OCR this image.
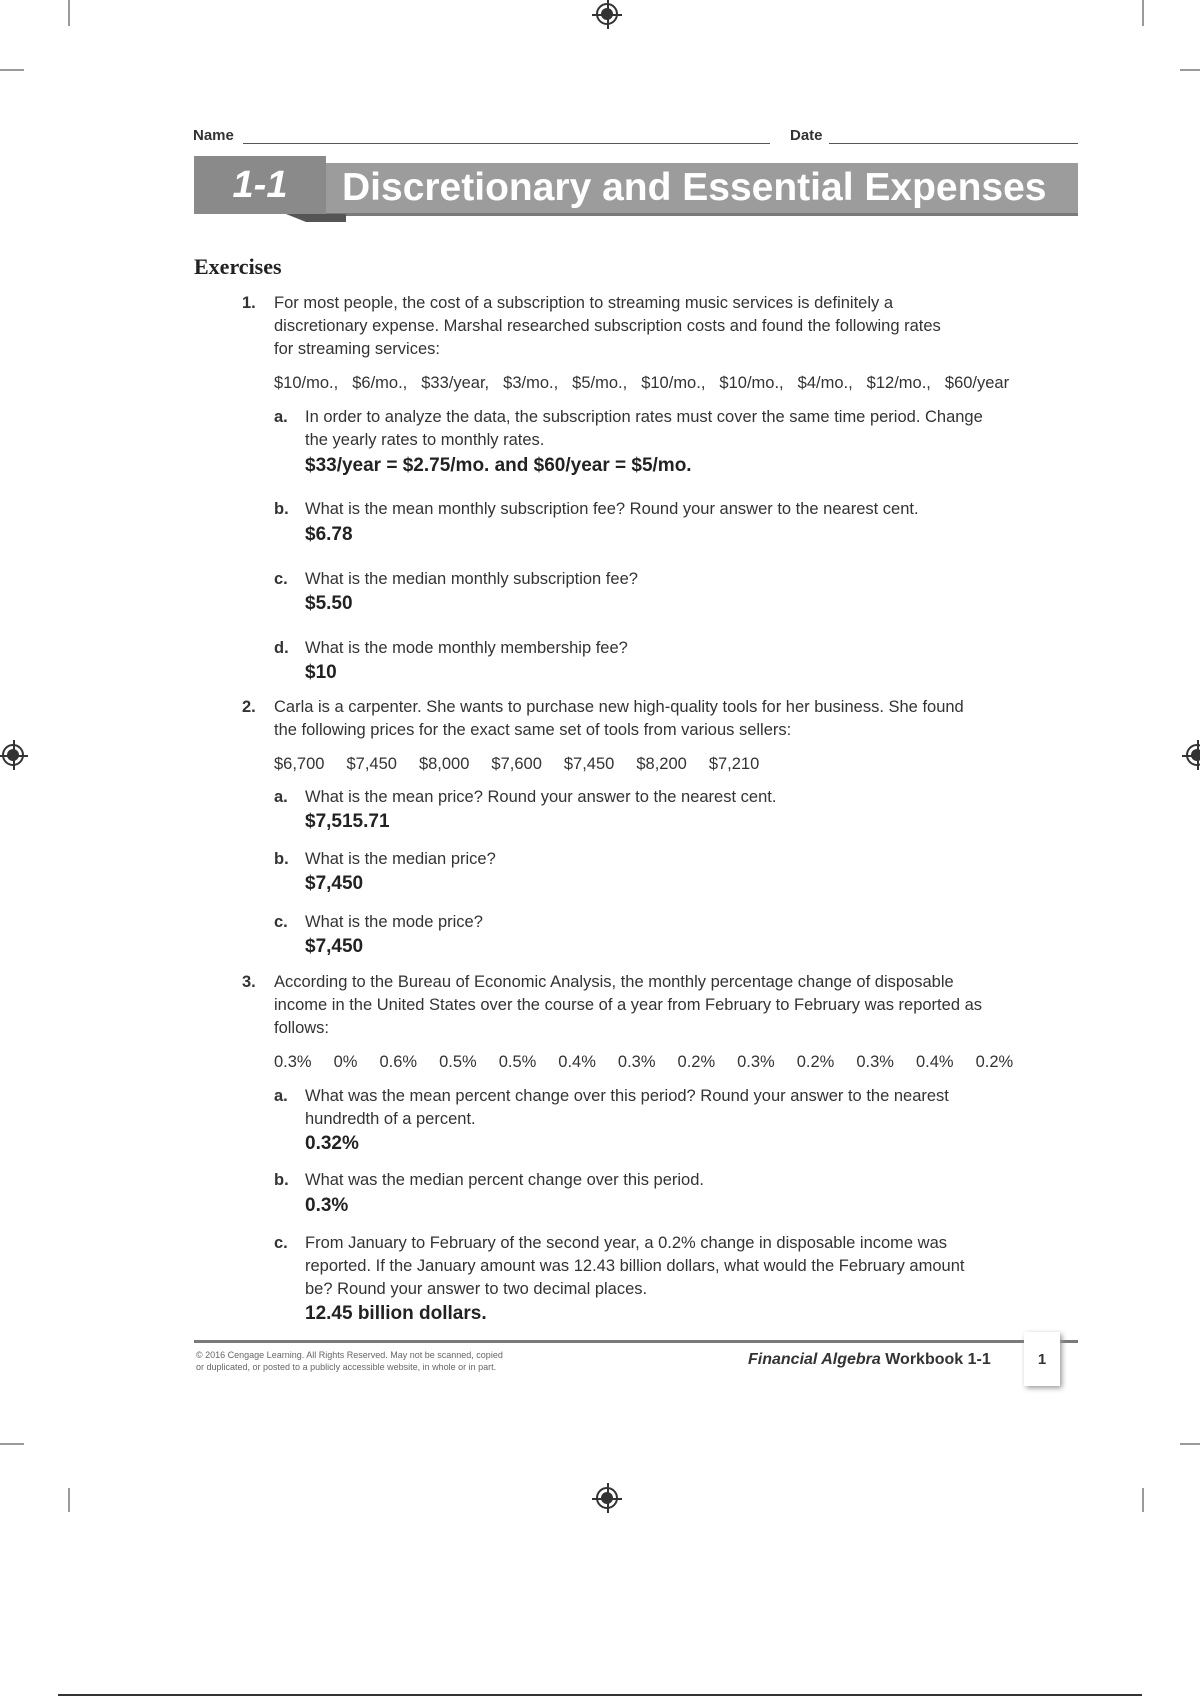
Name	Date
Discretionary and Essential Expenses
1-1
Exercises
1. For most people, the cost of a subscription to streaming music services is definitely a
discretionary expense. Marshal researched subscription costs and found the following rates
for streaming services:
$10/mo., $6/mo., $33/year, $3/mo., $5/mo., $10/mo., $10/mo., $4/mo., $12/mo., $60/year
a. In order to analyze the data, the subscription rates must cover the same time period. Change
the yearly rates to monthly rates.
$33/year = $2.75/mo. and $60/year = $5/mo.
b. What is the mean monthly subscription fee? Round your answer to the nearest cent.
$6.78
c. What is the median monthly subscription fee?
$5.50
d. What is the mode monthly membership fee?
$10
2. Carla is a carpenter. She wants to purchase new high-quality tools for her business. She found
the following prices for the exact same set of tools from various sellers:
$6,700 $7,450 $8,000 $7,600 $7,450 $8,200 $7,210
a. What is the mean price? Round your answer to the nearest cent.
$7,515.71
b. What is the median price?
$7,450
c. What is the mode price?
$7,450
3. According to the Bureau of Economic Analysis, the monthly percentage change of disposable
income in the United States over the course of a year from February to February was reported as
follows:
0.3% 0% 0.6% 0.5% 0.5% 0.4% 0.3% 0.2% 0.3% 0.2% 0.3% 0.4% 0.2%
a. What was the mean percent change over this period? Round your answer to the nearest
hundredth of a percent.
0.32%
b. What was the median percent change over this period.
0.3%
c. From January to February of the second year, a 0.2% change in disposable income was
reported. If the January amount was 12.43 billion dollars, what would the February amount
be? Round your answer to two decimal places.
12.45 billion dollars.
© 2016 Cengage Learning. All Rights Reserved. May not be scanned, copied
or duplicated, or posted to a publicly accessible website, in whole or in part.	Financial Algebra Workbook 1-1	1
